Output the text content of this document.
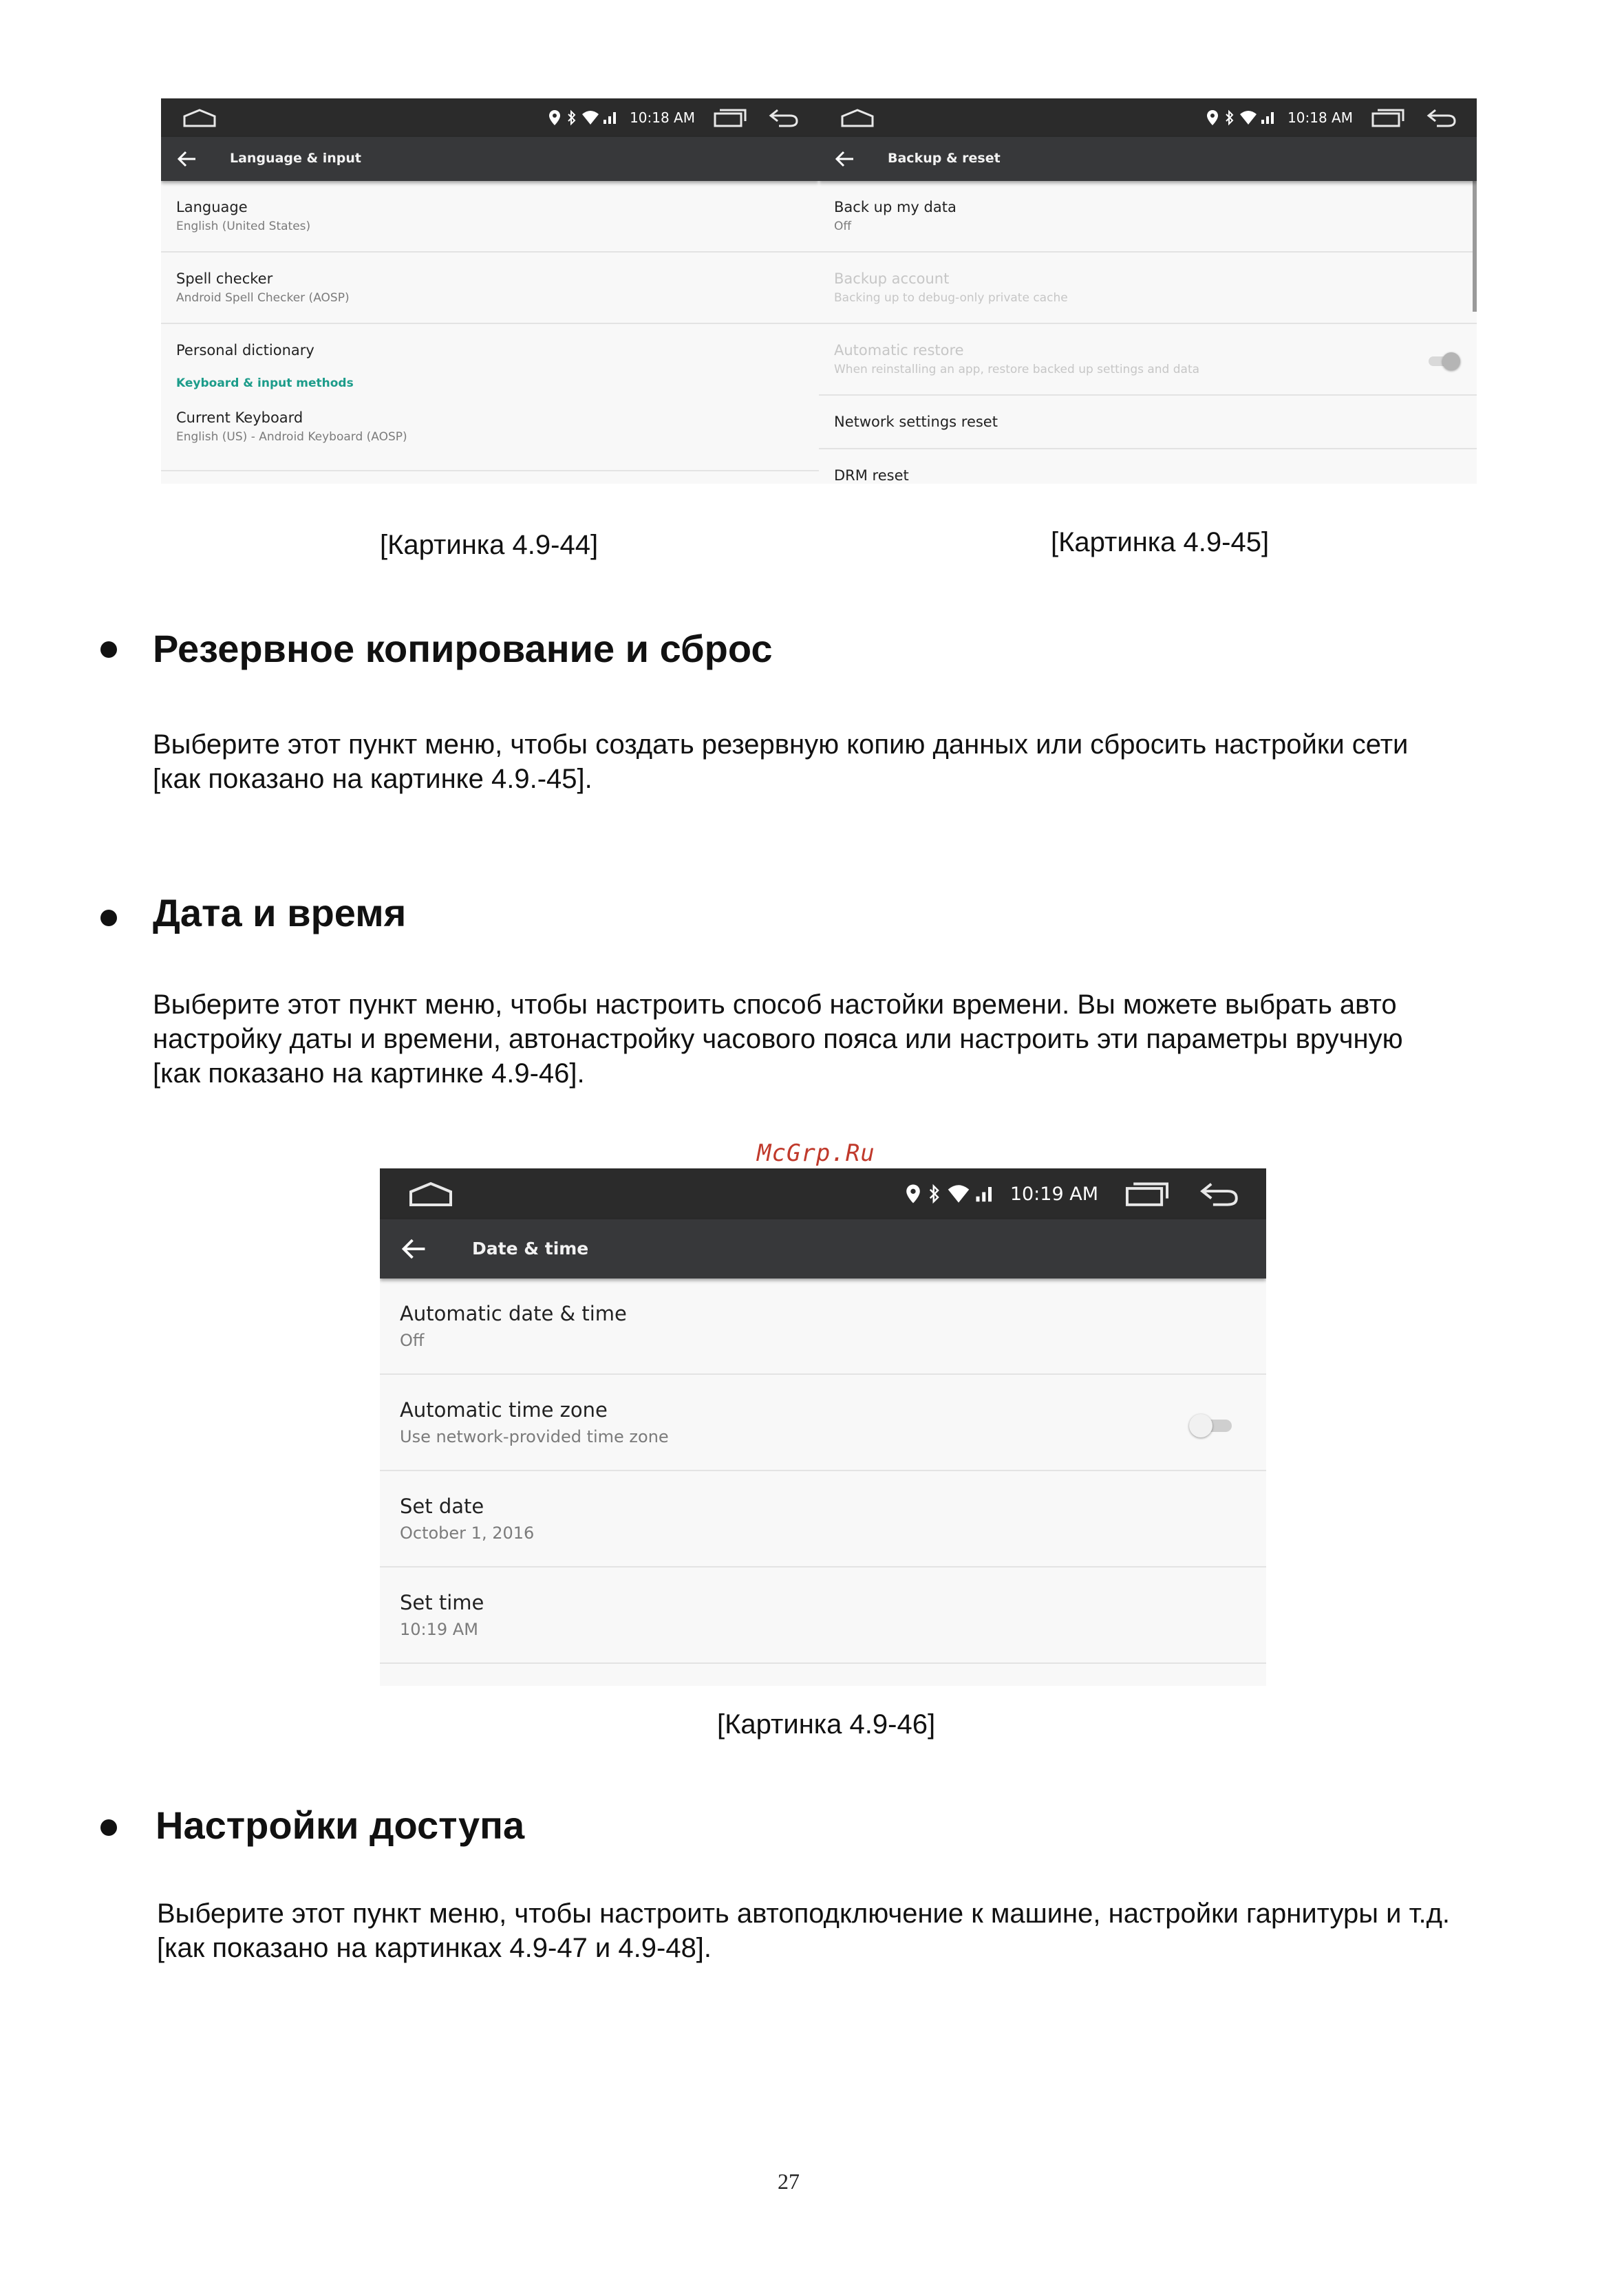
10:18 AM
Language & input
Language
English (United States)
Spell checker
Android Spell Checker (AOSP)
Personal dictionary
Keyboard & input methods
Current Keyboard
English (US) - Android Keyboard (AOSP)
10:18 AM
Backup & reset
Back up my data
Off
Backup account
Backing up to debug-only private cache
Automatic restore
When reinstalling an app, restore backed up settings and data
Network settings reset
DRM reset
[Картинка 4.9-44]	[Картинка 4.9-45]
Резервное копирование и сброс
Выберите этот пункт меню, чтобы создать резервную копию данных или сбросить настройки сети
[как показано на картинке 4.9.-45].
Дата и время
Выберите этот пункт меню, чтобы настроить способ настойки времени. Вы можете выбрать авто
настройку даты и времени, автонастройку часового пояса или настроить эти параметры вручную
[как показано на картинке 4.9-46].
McGrp.Ru
10:19 AM
Date & time
Automatic date & time
Off
Automatic time zone
Use network-provided time zone
Set date
October 1, 2016
Set time
10:19 AM
[Картинка 4.9-46]
Настройки доступа
Выберите этот пункт меню, чтобы настроить автоподключение к машине, настройки гарнитуры и т.д.
[как показано на картинках 4.9-47 и 4.9-48].
27
